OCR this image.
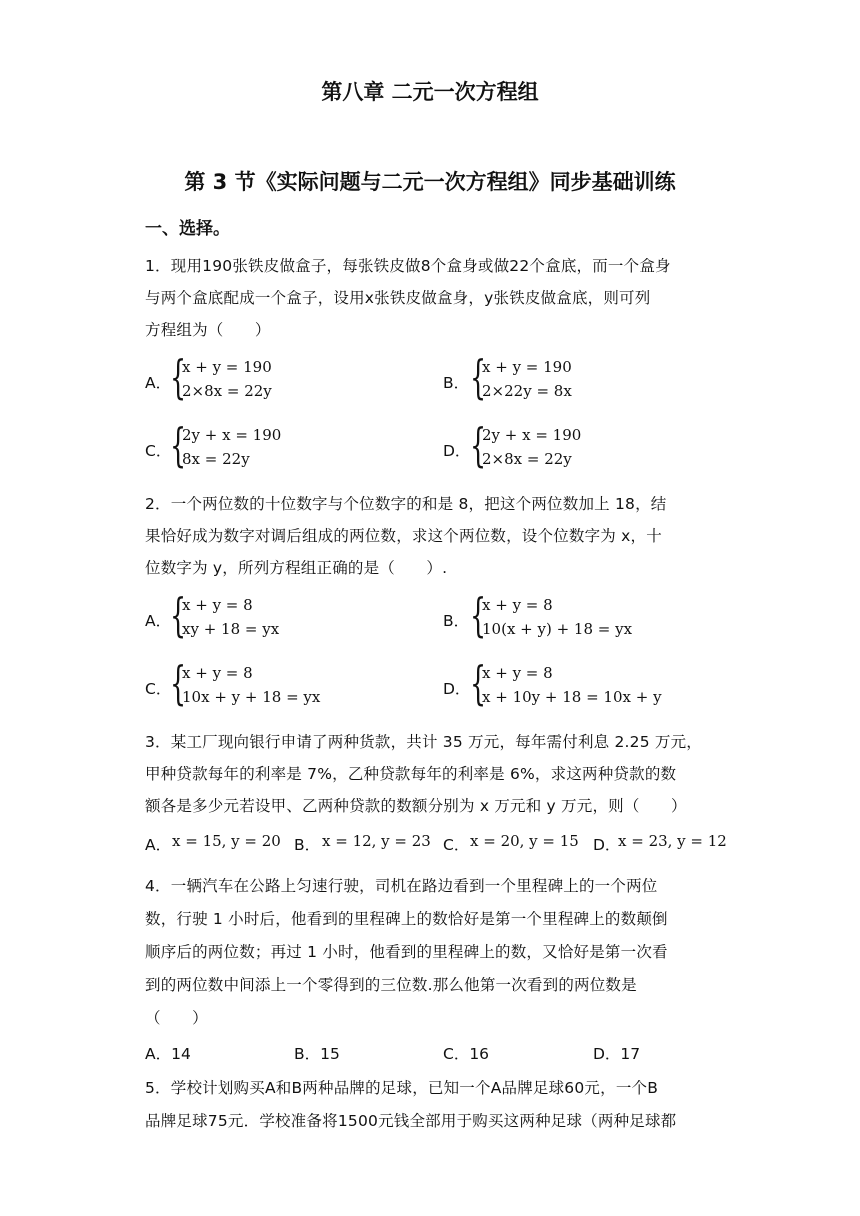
第八章 二元一次方程组
第 3 节《实际问题与二元一次方程组》同步基础训练
一、选择。
1．现用190张铁皮做盒子，每张铁皮做8个盒身或做22个盒底，而一个盒身
与两个盒底配成一个盒子，设用x张铁皮做盒身，y张铁皮做盒底，则可列
方程组为（　　）
A．
{
x + y = 190
2×8x = 22y	B． {
x + y = 190
2×22y = 8x
C．
{
2y + x = 190
8x = 22y	D． {
2y + x = 190
2×8x = 22y
2．一个两位数的十位数字与个位数字的和是 8，把这个两位数加上 18，结
果恰好成为数字对调后组成的两位数，求这个两位数，设个位数字为 x，十
位数字为 y，所列方程组正确的是（　　）.
A．
{
x + y = 8
xy + 18 = yx	B． {
x + y = 8
10(x + y) + 18 = yx
C．
{
x + y = 8
10x + y + 18 = yx	D． {
x + y = 8
x + 10y + 18 = 10x + y
3．某工厂现向银行申请了两种货款，共计 35 万元，每年需付利息 2.25 万元，
甲种贷款每年的利率是 7%，乙种贷款每年的利率是 6%，求这两种贷款的数
额各是多少元若设甲、乙两种贷款的数额分别为 x 万元和 y 万元，则（　　）
A． x = 15, y = 20 B． x = 12, y = 23 C． x = 20, y = 15 D．
x = 23, y = 12
4．一辆汽车在公路上匀速行驶，司机在路边看到一个里程碑上的一个两位
数，行驶 1 小时后，他看到的里程碑上的数恰好是第一个里程碑上的数颠倒
顺序后的两位数；再过 1 小时，他看到的里程碑上的数，又恰好是第一次看
到的两位数中间添上一个零得到的三位数.那么他第一次看到的两位数是
（　　）
A．14	B．15	C．16	D．17
5．学校计划购买A和B两种品牌的足球，已知一个A品牌足球60元，一个B
品牌足球75元．学校准备将1500元钱全部用于购买这两种足球（两种足球都
